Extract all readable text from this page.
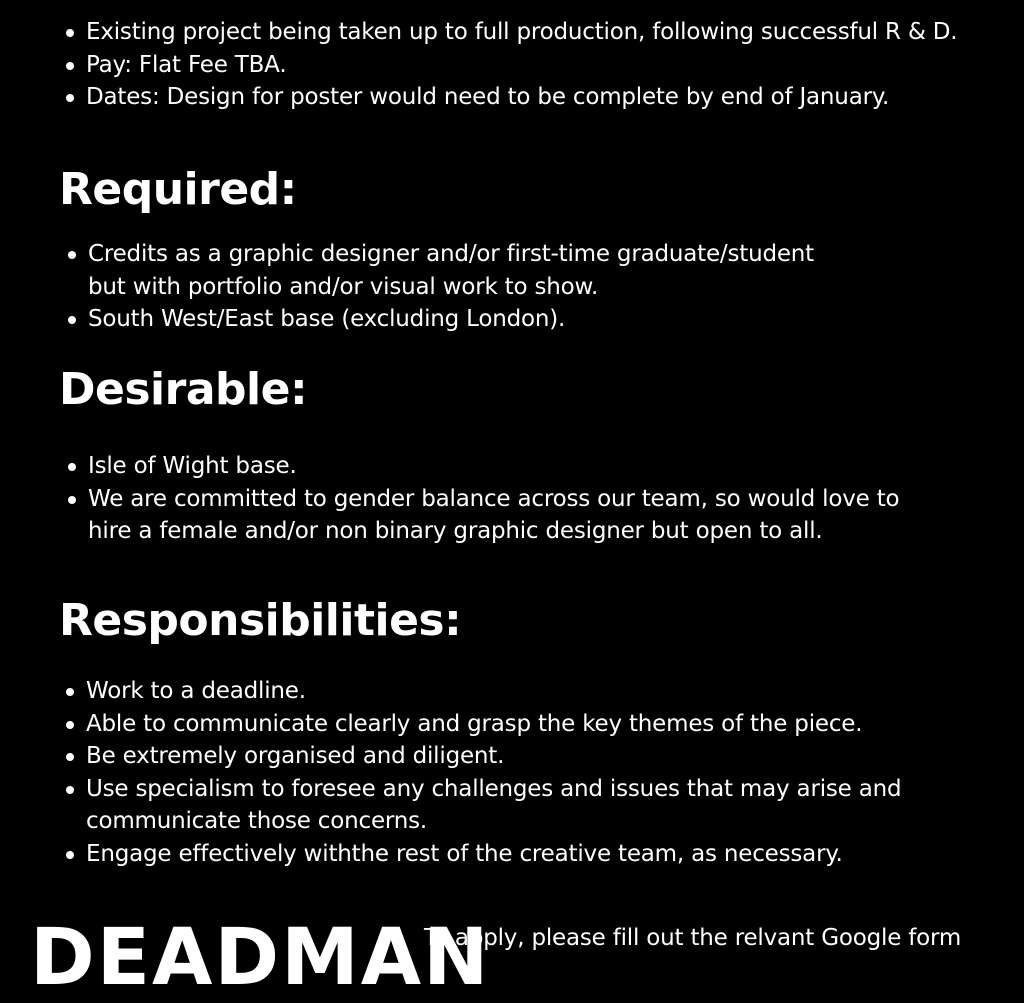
Existing project being taken up to full production, following successful R & D.
Pay: Flat Fee TBA.
Dates: Design for poster would need to be complete by end of January.
Required:
Credits as a graphic designer and/or first-time graduate/student
but with portfolio and/or visual work to show.
South West/East base (excluding London).
Desirable:
Isle of Wight base.
We are committed to gender balance across our team, so would love to
hire a female and/or non binary graphic designer but open to all.
Responsibilities:
Work to a deadline.
Able to communicate clearly and grasp the key themes of the piece.
Be extremely organised and diligent.
Use specialism to foresee any challenges and issues that may arise and
communicate those concerns.
Engage effectively withthe rest of the creative team, as necessary.
DEADMAN
To apply, please fill out the relvant Google form
